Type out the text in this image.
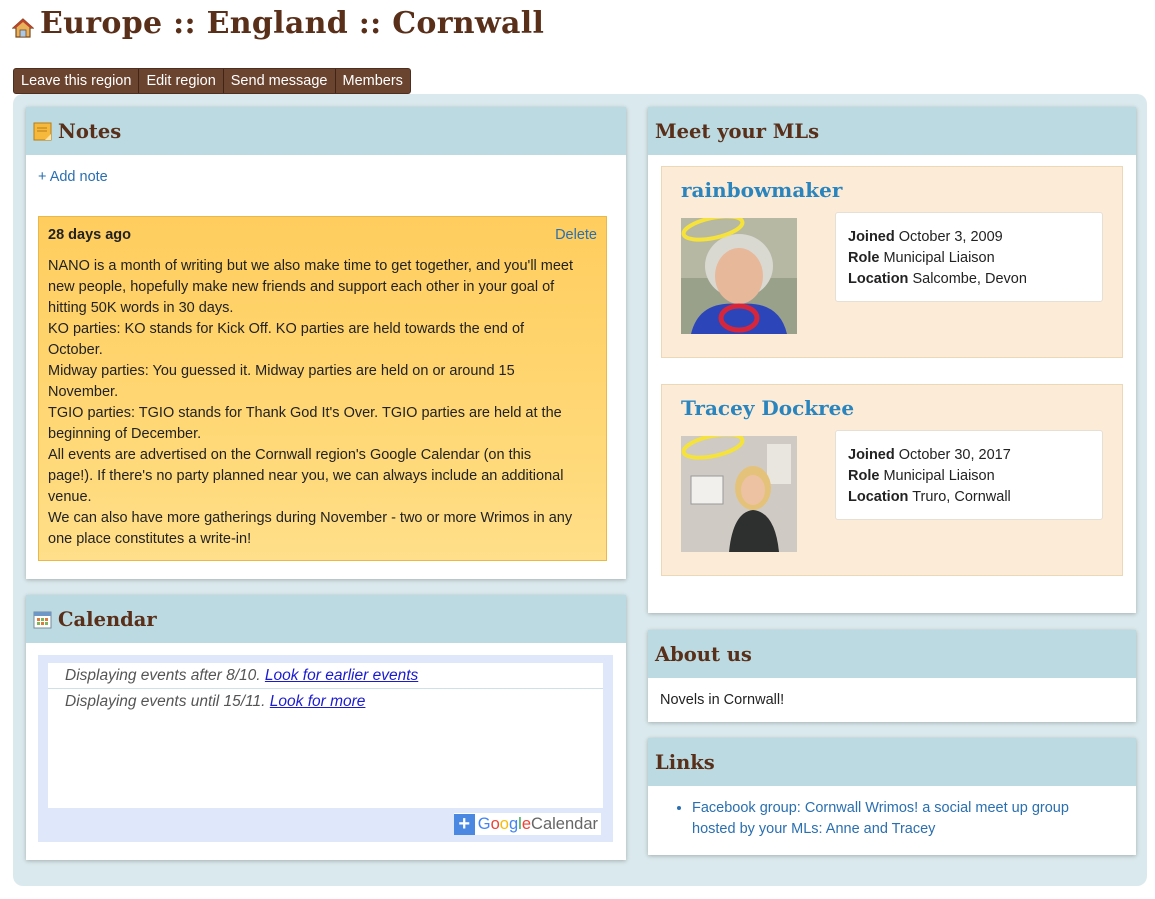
Europe :: England :: Cornwall
Leave this region	Edit region	Send message	Members
Notes
+ Add note
28 days ago	Delete
NANO is a month of writing but we also make time to get together, and you'll meet
new people, hopefully make new friends and support each other in your goal of
hitting 50K words in 30 days.
KO parties: KO stands for Kick Off. KO parties are held towards the end of
October.
Midway parties: You guessed it. Midway parties are held on or around 15
November.
TGIO parties: TGIO stands for Thank God It's Over. TGIO parties are held at the
beginning of December.
All events are advertised on the Cornwall region's Google Calendar (on this
page!). If there's no party planned near you, we can always include an additional
venue.
We can also have more gatherings during November - two or more Wrimos in any
one place constitutes a write-in!
Calendar
Displaying events after 8/10. Look for earlier events
Displaying events until 15/11. Look for more
+ Google Calendar
Meet your MLs
rainbowmaker
Joined October 3, 2009
Role Municipal Liaison
Location Salcombe, Devon
Tracey Dockree
Joined October 30, 2017
Role Municipal Liaison
Location Truro, Cornwall
About us
Novels in Cornwall!
Links
• Facebook group: Cornwall Wrimos! a social meet up group hosted by your MLs: Anne and Tracey
